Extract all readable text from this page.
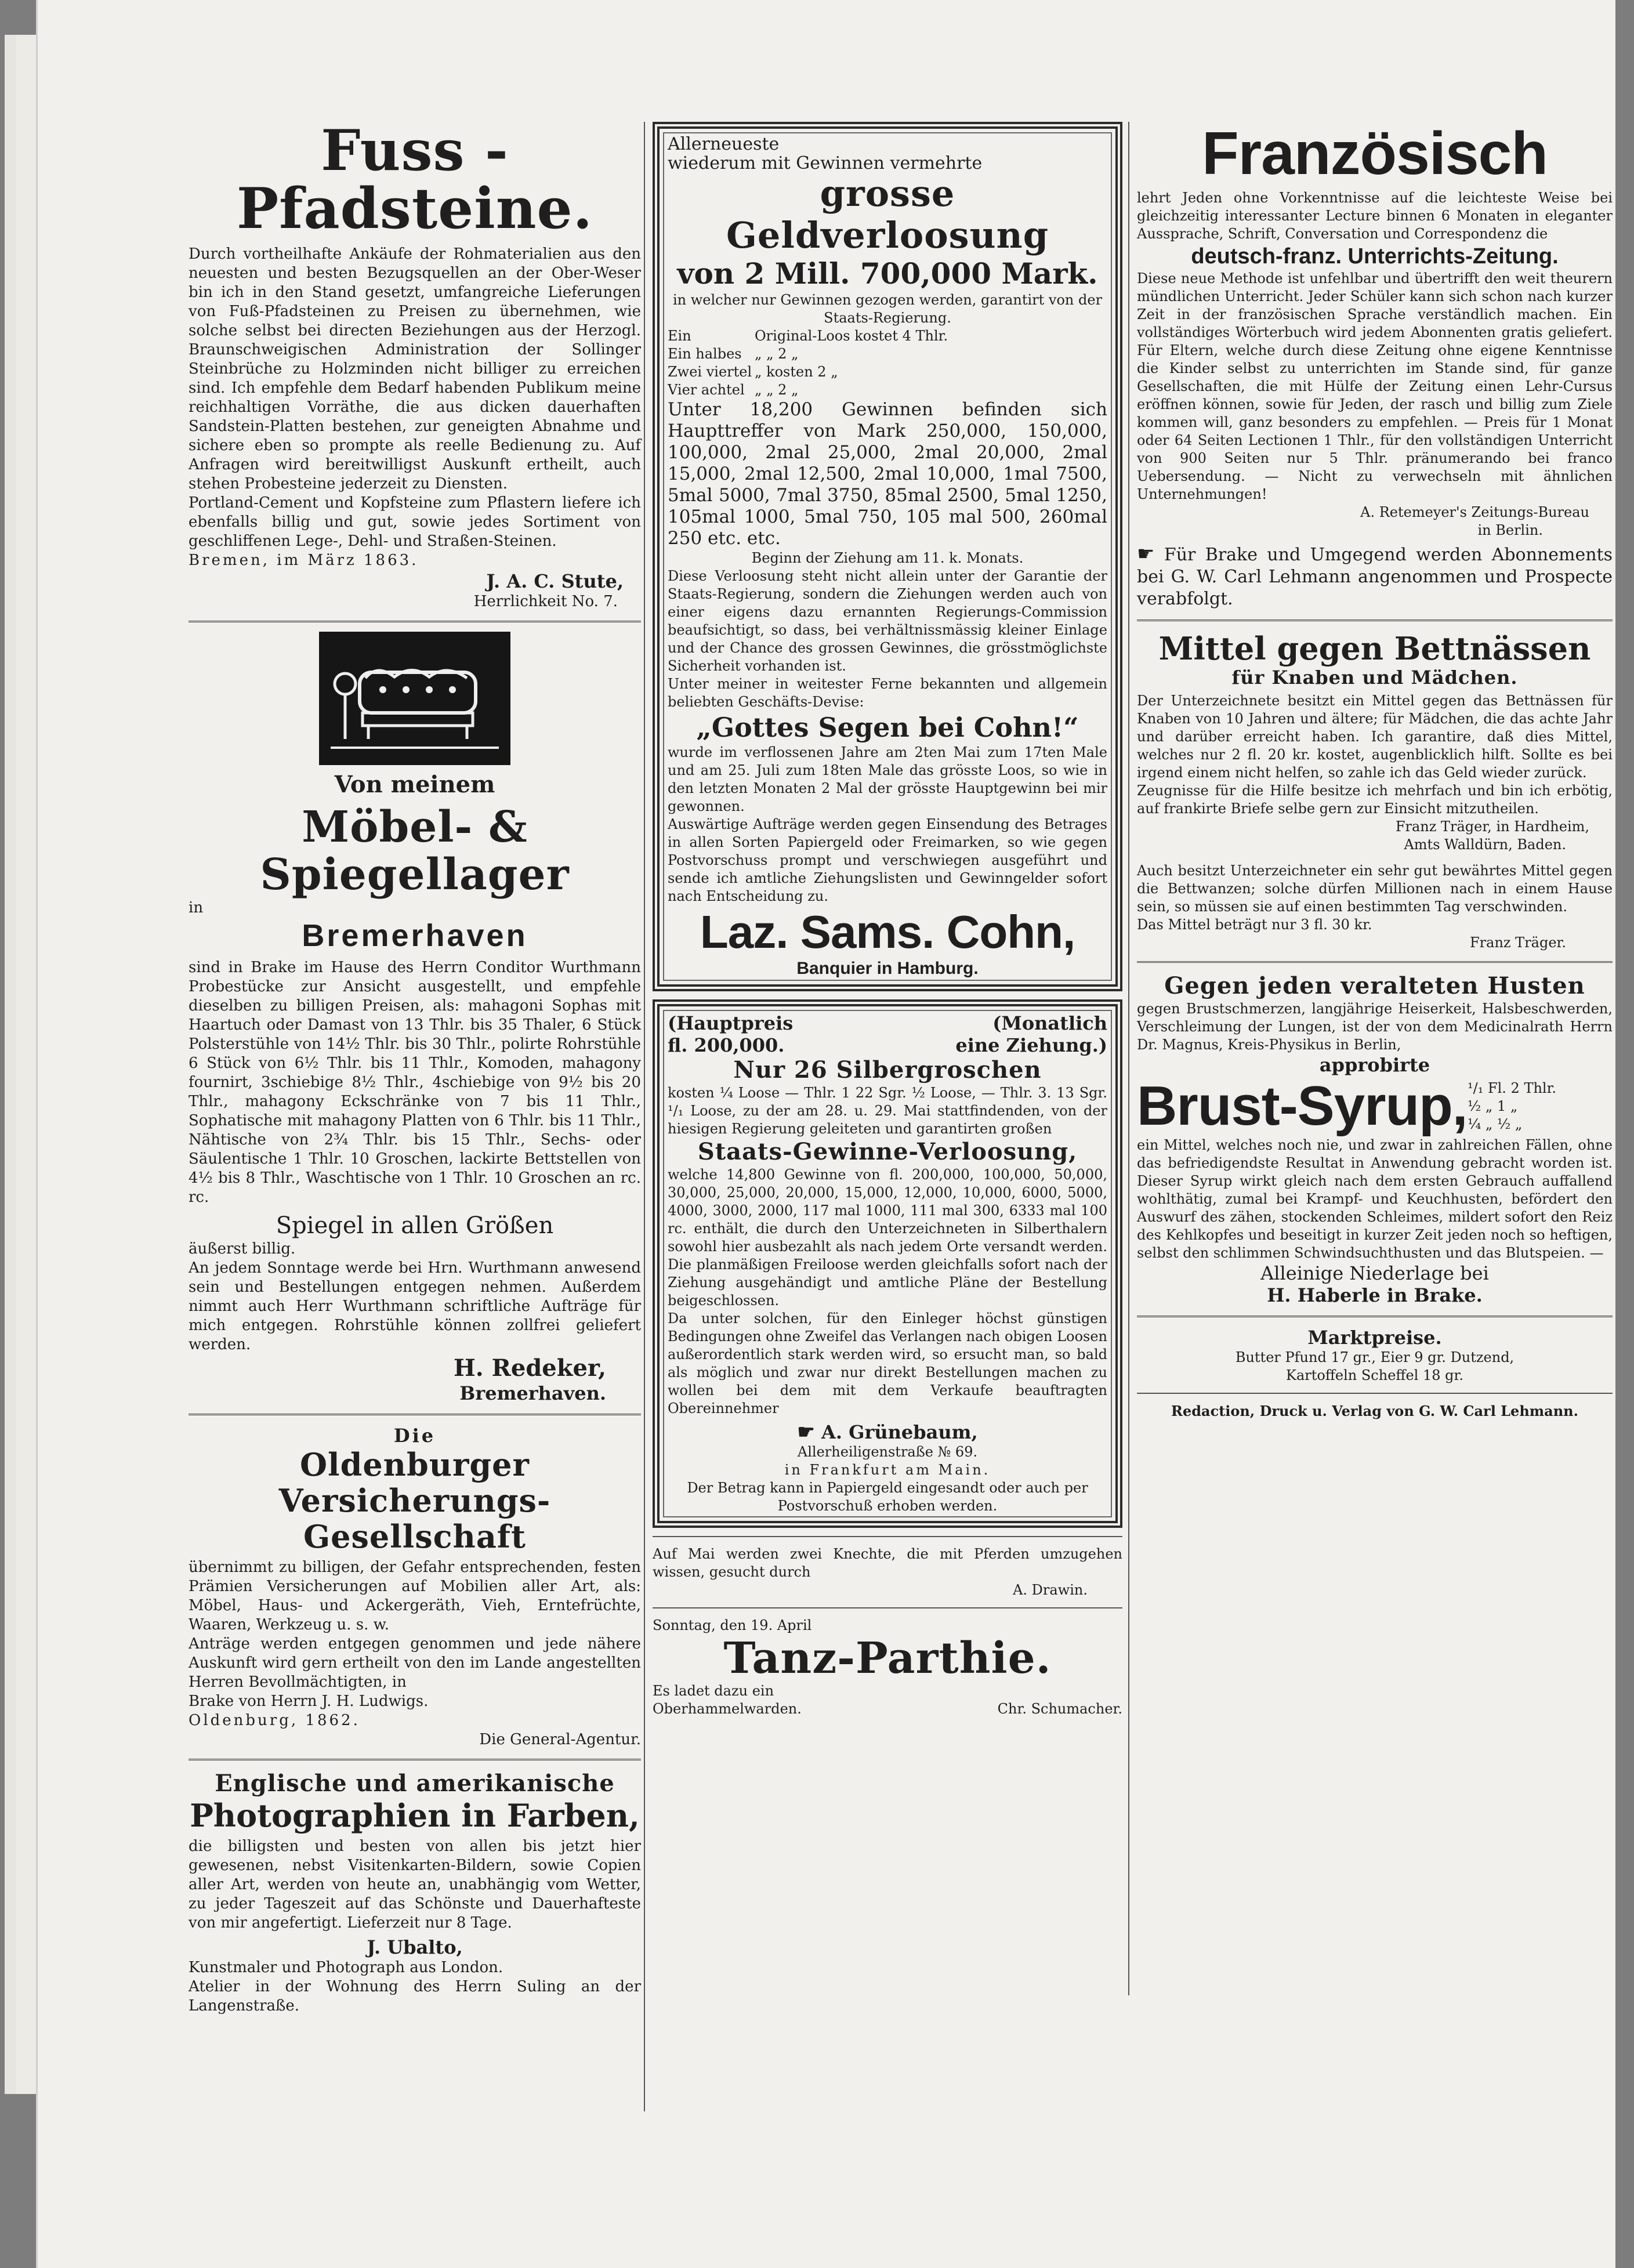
Fuss - Pfadsteine.

Durch vortheilhafte Ankäufe der Rohmaterialien aus den neuesten und besten Bezugsquellen an der Ober-Weser bin ich in den Stand gesetzt, umfangreiche Lieferungen von Fuß-Pfadsteinen zu Preisen zu übernehmen, wie solche selbst bei directen Beziehungen aus der Herzogl. Braunschweigischen Administration der Sollinger Steinbrüche zu Holzminden nicht billiger zu erreichen sind. Ich empfehle dem Bedarf habenden Publikum meine reichhaltigen Vorräthe, die aus dicken dauerhaften Sandstein-Platten bestehen, zur geneigten Abnahme und sichere eben so prompte als reelle Bedienung zu. Auf Anfragen wird bereitwilligst Auskunft ertheilt, auch stehen Probesteine jederzeit zu Diensten.

Portland-Cement und Kopfsteine zum Pflastern liefere ich ebenfalls billig und gut, sowie jedes Sortiment von geschliffenen Lege-, Dehl- und Straßen-Steinen.

Bremen, im März 1863.

J. A. C. Stute,

Herrlichkeit No. 7.

Von meinem
Möbel- & Spiegellager
in
Bremerhaven

sind in Brake im Hause des Herrn Conditor Wurthmann Probestücke zur Ansicht ausgestellt, und empfehle dieselben zu billigen Preisen, als: mahagoni Sophas mit Haartuch oder Damast von 13 Thlr. bis 35 Thaler, 6 Stück Polsterstühle von 14½ Thlr. bis 30 Thlr., polirte Rohrstühle 6 Stück von 6½ Thlr. bis 11 Thlr., Komoden, mahagony fournirt, 3schiebige 8½ Thlr., 4schiebige von 9½ bis 20 Thlr., mahagony Eckschränke von 7 bis 11 Thlr., Sophatische mit mahagony Platten von 6 Thlr. bis 11 Thlr., Nähtische von 2¾ Thlr. bis 15 Thlr., Sechs- oder Säulentische 1 Thlr. 10 Groschen, lackirte Bettstellen von 4½ bis 8 Thlr., Waschtische von 1 Thlr. 10 Groschen an rc. rc.

Spiegel in allen Größen

äußerst billig.

An jedem Sonntage werde bei Hrn. Wurthmann anwesend sein und Bestellungen entgegen nehmen. Außerdem nimmt auch Herr Wurthmann schriftliche Aufträge für mich entgegen. Rohrstühle können zollfrei geliefert werden.

H. Redeker,

Bremerhaven.

Die
Oldenburger Versicherungs-Gesellschaft

übernimmt zu billigen, der Gefahr entsprechenden, festen Prämien Versicherungen auf Mobilien aller Art, als: Möbel, Haus- und Ackergeräth, Vieh, Erntefrüchte, Waaren, Werkzeug u. s. w.

Anträge werden entgegen genommen und jede nähere Auskunft wird gern ertheilt von den im Lande angestellten Herren Bevollmächtigten, in

Brake von Herrn J. H. Ludwigs.

Oldenburg, 1862.

Die General-Agentur.

Englische und amerikanische
Photographien in Farben,

die billigsten und besten von allen bis jetzt hier gewesenen, nebst Visitenkarten-Bildern, sowie Copien aller Art, werden von heute an, unabhängig vom Wetter, zu jeder Tageszeit auf das Schönste und Dauerhafteste von mir angefertigt. Lieferzeit nur 8 Tage.

J. Ubalto,

Kunstmaler und Photograph aus London.

Atelier in der Wohnung des Herrn Suling an der Langenstraße.

Allerneueste
wiederum mit Gewinnen vermehrte
grosse Geldverloosung
von 2 Mill. 700,000 Mark.

in welcher nur Gewinnen gezogen werden, garantirt von der Staats-Regierung.

Ein	Original-Loos kostet 4 Thlr.
Ein halbes „ „ 2 „
Zwei viertel „ kosten 2 „
Vier achtel „ „ 2 „

Unter 18,200 Gewinnen befinden sich Haupttreffer von Mark 250,000, 150,000, 100,000, 2mal 25,000, 2mal 20,000, 2mal 15,000, 2mal 12,500, 2mal 10,000, 1mal 7500, 5mal 5000, 7mal 3750, 85mal 2500, 5mal 1250, 105mal 1000, 5mal 750, 105 mal 500, 260mal 250 etc. etc.

Beginn der Ziehung am 11. k. Monats.

Diese Verloosung steht nicht allein unter der Garantie der Staats-Regierung, sondern die Ziehungen werden auch von einer eigens dazu ernannten Regierungs-Commission beaufsichtigt, so dass, bei verhältnissmässig kleiner Einlage und der Chance des grossen Gewinnes, die grösstmöglichste Sicherheit vorhanden ist.

Unter meiner in weitester Ferne bekannten und allgemein beliebten Geschäfts-Devise:

„Gottes Segen bei Cohn!“

wurde im verflossenen Jahre am 2ten Mai zum 17ten Male und am 25. Juli zum 18ten Male das grösste Loos, so wie in den letzten Monaten 2 Mal der grösste Hauptgewinn bei mir gewonnen.

Auswärtige Aufträge werden gegen Einsendung des Betrages in allen Sorten Papiergeld oder Freimarken, so wie gegen Postvorschuss prompt und verschwiegen ausgeführt und sende ich amtliche Ziehungslisten und Gewinngelder sofort nach Entscheidung zu.

Laz. Sams. Cohn,
Banquier in Hamburg.
(Hauptpreis
fl. 200,000.
(Monatlich
eine Ziehung.)
Nur 26 Silbergroschen

kosten ¼ Loose — Thlr. 1 22 Sgr. ½ Loose, — Thlr. 3. 13 Sgr. ¹/₁ Loose, zu der am 28. u. 29. Mai stattfindenden, von der hiesigen Regierung geleiteten und garantirten großen

Staats-Gewinne-Verloosung,

welche 14,800 Gewinne von fl. 200,000, 100,000, 50,000, 30,000, 25,000, 20,000, 15,000, 12,000, 10,000, 6000, 5000, 4000, 3000, 2000, 117 mal 1000, 111 mal 300, 6333 mal 100 rc. enthält, die durch den Unterzeichneten in Silberthalern sowohl hier ausbezahlt als nach jedem Orte versandt werden. Die planmäßigen Freiloose werden gleichfalls sofort nach der Ziehung ausgehändigt und amtliche Pläne der Bestellung beigeschlossen.

Da unter solchen, für den Einleger höchst günstigen Bedingungen ohne Zweifel das Verlangen nach obigen Loosen außerordentlich stark werden wird, so ersucht man, so bald als möglich und zwar nur direkt Bestellungen machen zu wollen bei dem mit dem Verkaufe beauftragten Obereinnehmer

☛ A. Grünebaum,

Allerheiligenstraße № 69.

in Frankfurt am Main.

Der Betrag kann in Papiergeld eingesandt oder auch per Postvorschuß erhoben werden.

Auf Mai werden zwei Knechte, die mit Pferden umzugehen wissen, gesucht durch

A. Drawin.

Sonntag, den 19. April

Tanz-Parthie.

Es ladet dazu ein Oberhammelwarden.	Chr. Schumacher.

Französisch

lehrt Jeden ohne Vorkenntnisse auf die leichteste Weise bei gleichzeitig interessanter Lecture binnen 6 Monaten in eleganter Aussprache, Schrift, Conversation und Correspondenz die

deutsch-franz. Unterrichts-Zeitung.

Diese neue Methode ist unfehlbar und übertrifft den weit theurern mündlichen Unterricht. Jeder Schüler kann sich schon nach kurzer Zeit in der französischen Sprache verständlich machen. Ein vollständiges Wörterbuch wird jedem Abonnenten gratis geliefert. Für Eltern, welche durch diese Zeitung ohne eigene Kenntnisse die Kinder selbst zu unterrichten im Stande sind, für ganze Gesellschaften, die mit Hülfe der Zeitung einen Lehr-Cursus eröffnen können, sowie für Jeden, der rasch und billig zum Ziele kommen will, ganz besonders zu empfehlen. — Preis für 1 Monat oder 64 Seiten Lectionen 1 Thlr., für den vollständigen Unterricht von 900 Seiten nur 5 Thlr. pränumerando bei franco Uebersendung. — Nicht zu verwechseln mit ähnlichen Unternehmungen!

A. Retemeyer's Zeitungs-Bureau

in Berlin.

☛ Für Brake und Umgegend werden Abonnements bei G. W. Carl Lehmann angenommen und Prospecte verabfolgt.
Mittel gegen Bettnässen
für Knaben und Mädchen.

Der Unterzeichnete besitzt ein Mittel gegen das Bettnässen für Knaben von 10 Jahren und ältere; für Mädchen, die das achte Jahr und darüber erreicht haben. Ich garantire, daß dies Mittel, welches nur 2 fl. 20 kr. kostet, augenblicklich hilft. Sollte es bei irgend einem nicht helfen, so zahle ich das Geld wieder zurück.

Zeugnisse für die Hilfe besitze ich mehrfach und bin ich erbötig, auf frankirte Briefe selbe gern zur Einsicht mitzutheilen.

Franz Träger, in Hardheim,

Amts Walldürn, Baden.

Auch besitzt Unterzeichneter ein sehr gut bewährtes Mittel gegen die Bettwanzen; solche dürfen Millionen nach in einem Hause sein, so müssen sie auf einen bestimmten Tag verschwinden.

Das Mittel beträgt nur 3 fl. 30 kr.

Franz Träger.

Gegen jeden veralteten Husten

gegen Brustschmerzen, langjährige Heiserkeit, Halsbeschwerden, Verschleimung der Lungen, ist der von dem Medicinalrath Herrn Dr. Magnus, Kreis-Physikus in Berlin,

approbirte
Brust-Syrup, ¹/₁ Fl. 2 Thlr.
½ „ 1 „
¼ „ ½ „

ein Mittel, welches noch nie, und zwar in zahlreichen Fällen, ohne das befriedigendste Resultat in Anwendung gebracht worden ist. Dieser Syrup wirkt gleich nach dem ersten Gebrauch auffallend wohlthätig, zumal bei Krampf- und Keuchhusten, befördert den Auswurf des zähen, stockenden Schleimes, mildert sofort den Reiz des Kehlkopfes und beseitigt in kurzer Zeit jeden noch so heftigen, selbst den schlimmen Schwindsuchthusten und das Blutspeien. —

Alleinige Niederlage bei

H. Haberle in Brake.

Marktpreise.

Butter Pfund 17 gr., Eier 9 gr. Dutzend,

Kartoffeln Scheffel 18 gr.

Redaction, Druck u. Verlag von G. W. Carl Lehmann.
